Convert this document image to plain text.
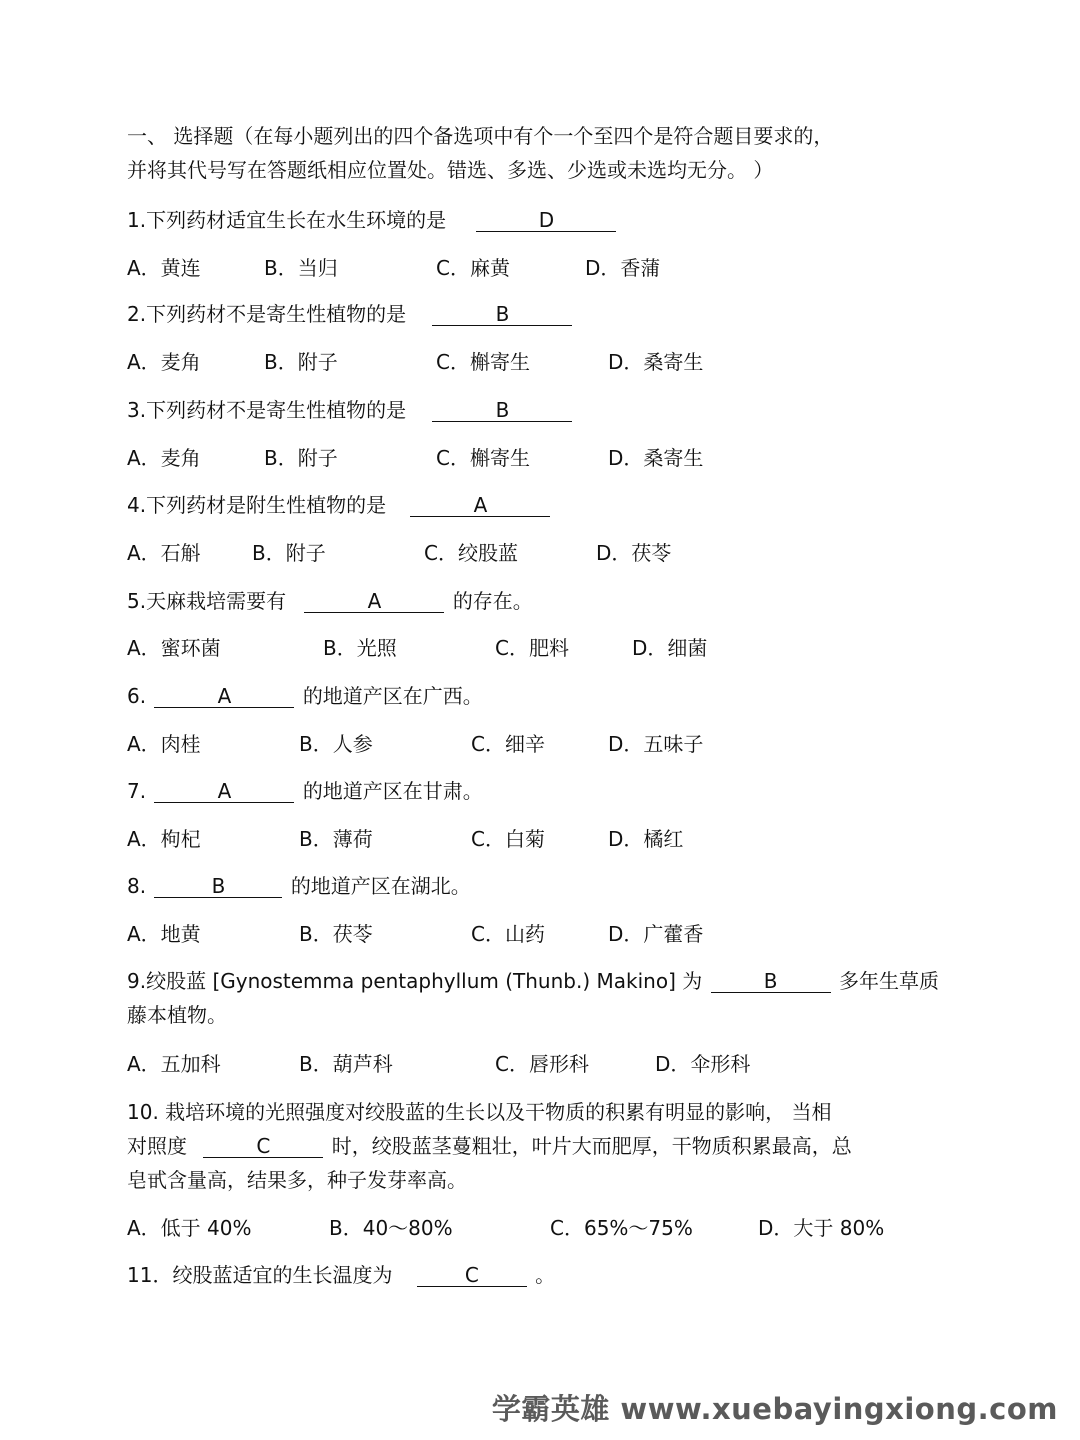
一、 选择题（在每小题列出的四个备选项中有个一个至四个是符合题目要求的，
并将其代号写在答题纸相应位置处。错选、多选、少选或未选均无分。 ）
1.下列药材适宜生长在水生环境的是	D
A．黄连	B．当归	C．麻黄	D．香蒲
2.下列药材不是寄生性植物的是	B
A．麦角	B．附子	C．槲寄生	D．桑寄生
3.下列药材不是寄生性植物的是	B
A．麦角	B．附子	C．槲寄生	D．桑寄生
4.下列药材是附生性植物的是	A
A．石斛	B．附子	C．绞股蓝	D．茯苓
5.天麻栽培需要有	A	的存在。
A．蜜环菌	B．光照	C．肥料	D．细菌
6.	A	的地道产区在广西。
A．肉桂	B．人参	C．细辛	D．五味子
7.	A	的地道产区在甘肃。
A．枸杞	B．薄荷	C．白菊	D．橘红
8.	B	的地道产区在湖北。
A．地黄	B．茯苓	C．山药	D．广藿香
9.绞股蓝 [Gynostemma pentaphyllum (Thunb.) Makino] 为	B	多年生草质
藤本植物。
A．五加科	B．葫芦科	C．唇形科	D．伞形科
10. 栽培环境的光照强度对绞股蓝的生长以及干物质的积累有明显的影响， 当相
对照度	C	时，绞股蓝茎蔓粗壮，叶片大而肥厚，干物质积累最高，总
皂甙含量高，结果多，种子发芽率高。
A．低于 40%	B．40～80%	C．65%～75%	D．大于 80%
11．绞股蓝适宜的生长温度为	C	。
学霸英雄 www.xuebayingxiong.com
